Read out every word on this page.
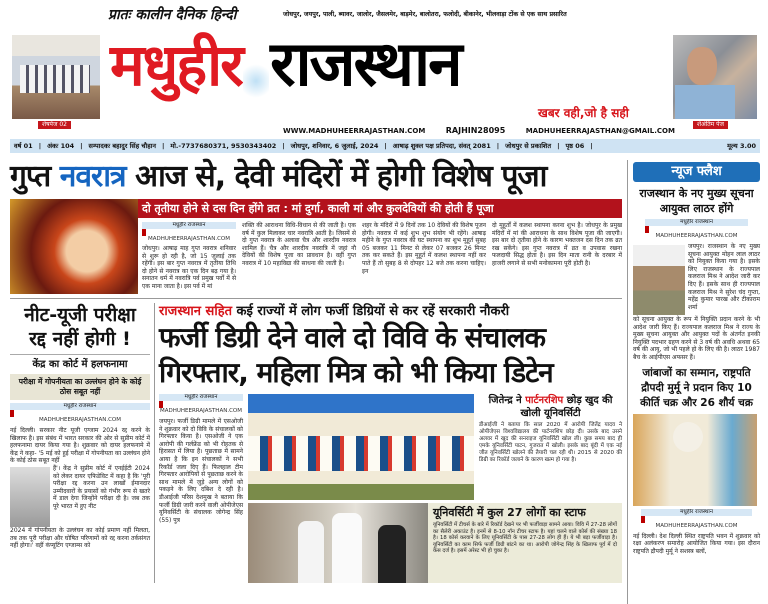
शेषपेज 02
प्रातः कालीन दैनिक हिन्दी	जोधपुर, जयपुर, पाली, ब्यावर, जालोर, जैसलमेर, बाड़मेर, बालोतरा, फलोदी, बीकानेर, भीलवाड़ा टोंक से एक साथ प्रसारित
मधुहीर राजस्थान
खबर वही,जो है सही
शेअंतिम पेज
WWW.MADHUHEERRAJASTHAN.COM	RAJHIN28095	MADHUHEERRAJASTHAN@GMAIL.COM
वर्ष 01 | अंकः 104 | सम्पादकः बहादुर सिंह चौहान | मो.-7737680371, 9530343402 | जोधपुर, शनिवार, 6 जुलाई, 2024 | आषाढ़ शुक्ल पक्ष प्रतिपदा, संवत् 2081 | जोधपुर से प्रकाशित | पृष्ठ 06 |	मूल्य 3.00
गुप्त नवरात्र आज से, देवी मंदिरों में होगी विशेष पूजा
दो तृतीया होने से दस दिन होंगे व्रत : मां दुर्गा, काली मां और कुलदेवियों की होती हैं पूजा
मधुहीर राजस्थान
MADHUHEERRAJASTHAN.COM
जोधपुर। आषाढ़ माह गुप्त नवरात्र शनिवार से शुरू हो रही है, जो 15 जुलाई तक रहेंगी। इस बार गुप्त नवरात्र में तृतीया तिथि दो होने से नवरात्र का एक दिन बढ़ गया है। सनातन धर्म में नवरात्रि पर्व प्रमुख पर्वों में से एक माना जाता है। इस पर्व में मां
शक्ति की आराधना विधि-विधान से की जाती है। एक वर्ष में कुल मिलाकर चार नवरात्रि आती है। जिसमें से दो गुप्त नवरात्र के अलावा चैत्र और शारदीय नवरात्र शामिल हैं। चैत्र और शारदीय नवरात्रि में जहां नौ देवियों की विशेष पूजा का प्रावधान है। वहीं गुप्त नवरात्र में 10 महाविद्या की साधना की जाती है।
शहर के मंदिरों में 9 दिनों तक 10 देवियों की विशेष पूजन होगी। नवरात्र में कई शुभ शुभ संयोग भी रहेंगे। आषाढ़ महीने के गुप्त नवरात्र की घट स्थापना का शुभ मुहूर्त सुबह 05 बजकर 11 मिनट से लेकर 07 बजकर 26 मिनट तक कर सकते हैं। इस मुहूर्त में कलश स्थापना नहीं कर पाते हैं तो सुबह 8 से दोपहर 12 बजे तक करना चाहिए। इन
दो मुहूर्तों में कलश स्थापना करना शुभ है। जोधपुर के प्रमुख मंदिरों में मां की आराधना के साथ विशेष पूजा की जाएगी। इस बार दो तृतीया होने के कारण भक्तजन दस दिन तक व्रत रख सकेंगे। इस गुप्त नवरात्र में व्रत व उपवास रखना फलदायी सिद्ध होता है। इस दिन माता रानी के दरबार में हाजरी लगाने से सभी मनोकामना पूरी होती है।
नीट-यूजी परीक्षा
रद्द नहीं होगी !
केंद्र का कोर्ट में हलफनामा
परीक्षा में गोपनीयता का उल्लंघन होने के कोई ठोस सबूत नहीं
मधुहीर राजस्थान
MADHUHEERRAJASTHAN.COM
नई दिल्ली। सरकार नीट यूजी एग्जाम 2024 रद्द करने के खिलाफ है। इस संबंध में भारत सरकार की ओर से सुप्रीम कोर्ट में हलफनामा दायर किया गया है। शुक्रवार को दायर हलफनामे में केंद्र ने कहा- '5 मई को हुई परीक्षा में गोपनीयता का उल्लंघन होने के कोई ठोस सबूत नहीं
हैं'। केंद्र ने सुप्रीम कोर्ट में एनईईटी 2024 को लेकर दायर एफिडेविट में कहा है कि 'पूरी परीक्षा रद्द करना उन लाखों ईमानदार उम्मीदवारों के प्रयासों को गंभीर रूप से खतरे में डाल देगा जिन्होंने परीक्षा दी है। जब तक पूरे भारत में हुए नीट
2024 में गोपनीयता के उल्लंघन का कोई प्रमाण नहीं मिलता, तब तक पूरी परीक्षा और घोषित परिणामों को रद्द करना तर्कसंगत नहीं होगा।' वहीं कंप्यूटिंग एग्जाम्स को
राजस्थान सहित कई राज्यों में लोग फर्जी डिग्रियों से कर रहें सरकारी नौकरी
फर्जी डिग्री देने वाले दो विवि के संचालक
गिरफ्तार, महिला मित्र को भी किया डिटेन
मधुहीर राजस्थान
MADHUHEERRAJASTHAN.COM
जयपुर। फर्जी डिग्री मामले में एसओजी ने शुक्रवार को दो विवि के संचालकों को गिरफ्तार किया है। एसओजी ने एक आरोपी की गर्लफ्रेंड को भी रोहतक से हिरासत में लिया है। पूछताछ में सामने आया है कि इन संचालकों ने सभी रिकॉर्ड जला दिए हैं। फिलहाल टीम गिरफ्तार आरोपियों से पूछताछ करने के साथ मामले में जुड़े अन्य लोगों को पकड़ने के लिए दबिश दे रही है। डीआईजी परिस देशमुख ने बताया कि फर्जी डिग्री जारी करने वाली ओपीजेएस यूनिवर्सिटी के संचालक जोगेन्द्र सिंह (55) पुत्र
जितेन्द्र ने पार्टनरशिप छोड़ खुद की खोली यूनिवर्सिटी
डीआईजी ने बताया कि साल 2020 में आरोपी जितेंद्र यादव ने ओपीजेएस विश्वविद्यालय की पार्टनरशिप छोड़ दी। उसके बाद उसने अलवर में खुद की सनराइज यूनिवर्सिटी खोल ली। कुछ समय बाद ही एमके यूनिवर्सिटी पाटन, गुजरात में खोली। इसके बाद बूंदी में एक नई जीत यूनिवर्सिटी खोलने की तैयारी चल रही थी। 2015 से 2020 की डिग्री का रिकॉर्ड जलाने के कारण खत्म हो गया है।
यूनिवर्सिटी में कुल 27 लोगों का स्टाफ
यूनिवर्सिटी में टीचर्स के बारे में रिकॉर्ड देखने पर भी फर्जीवाड़ा सामने आया। विवि में 27-28 लोगों का सैलेरी अकाउंट है। इनमें से 8-10 नॉन टीचर स्टाफ है। यहां चलने वाले कोर्स की संख्या 18 है। 18 कोर्स करवाने के लिए यूनिवर्सिटी के पास 27-28 लोग ही हैं। ये भी बड़ा फर्जीवाड़ा है। यूनिवर्सिटी का काम सिर्फ फर्जी डिग्री बांटने का था। आरोपी जोगेन्द्र सिंह के खिलाफ पूर्व में दो केस दर्ज है। इसमें अरेस्ट भी हो चुका है।
न्यूज फ्लैश
राजस्थान के नए मुख्य सूचना आयुक्त लाठर होंगे
मधुहीर राजस्थान
MADHUHEERRAJASTHAN.COM
जयपुर। राजस्थान के नए मुख्य सूचना आयुक्त मोहन लाल लाठर को नियुक्त किया गया है। इसके लिए राजस्थान के राज्यपाल कलराज मिश्र ने आदेश जारी कर दिए हैं। इसके साथ ही राज्यपाल कलराज मिश्र ने सुरेश चंद गुप्ता, महेंद्र कुमार पारख और टीकाराम शर्मा
को सूचना आयुक्त के रूप में नियुक्ति प्रदान करने के भी आदेश जारी किए हैं। राज्यपाल कलराज मिश्र ने राज्य के मुख्य सूचना आयुक्त और आयुक्त पदों के अंतर्गत इनकी नियुक्ति पदभार ग्रहण करने से 3 वर्ष की अवधि अथवा 65 वर्ष की आयु, जो भी पहले हो के लिए की है। लाठर 1987 बैच के आईपीएस अफसर हैं।
जांबाजों का सम्मान, राष्ट्रपति द्रौपदी मुर्मू ने प्रदान किए 10 कीर्ति चक्र और 26 शौर्य चक्र
मधुहीर राजस्थान
MADHUHEERRAJASTHAN.COM
नई दिल्ली। देश दिल्ली स्थित राष्ट्रपति भवन में शुक्रवार को रक्षा अलंकरण समारोह आयोजित किया गया। इस दौरान राष्ट्रपति द्रौपदी मुर्मू ने सशस्त्र बलों,
